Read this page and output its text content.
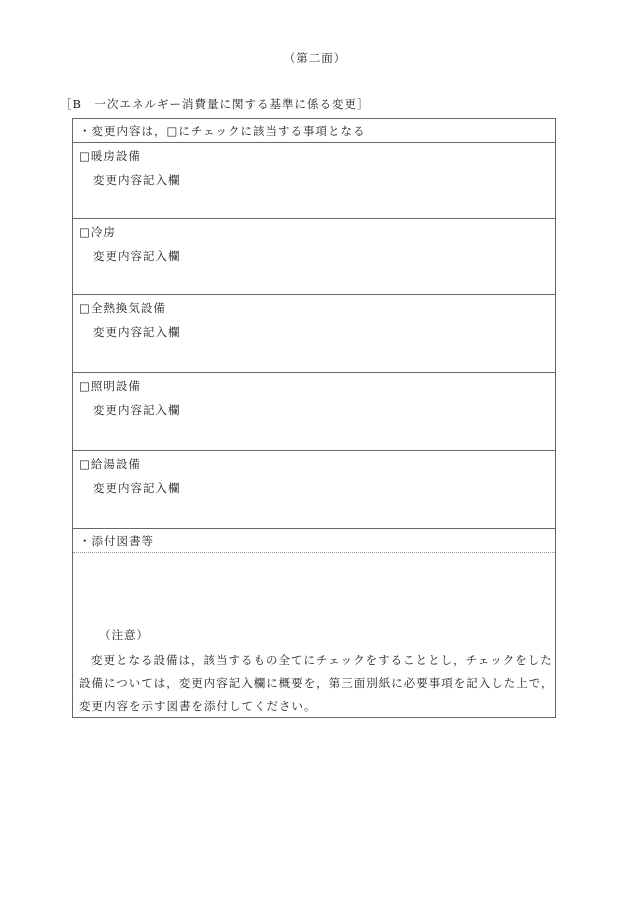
（第二面）
［B　一次エネルギー消費量に関する基準に係る変更］
・変更内容は，□にチェックに該当する事項となる
□暖房設備
変更内容記入欄
□冷房
変更内容記入欄
□全熱換気設備
変更内容記入欄
□照明設備
変更内容記入欄
□給湯設備
変更内容記入欄
・添付図書等
（注意）
変更となる設備は，該当するもの全てにチェックをすることとし，チェックをした
設備については，変更内容記入欄に概要を，第三面別紙に必要事項を記入した上で，
変更内容を示す図書を添付してください。
